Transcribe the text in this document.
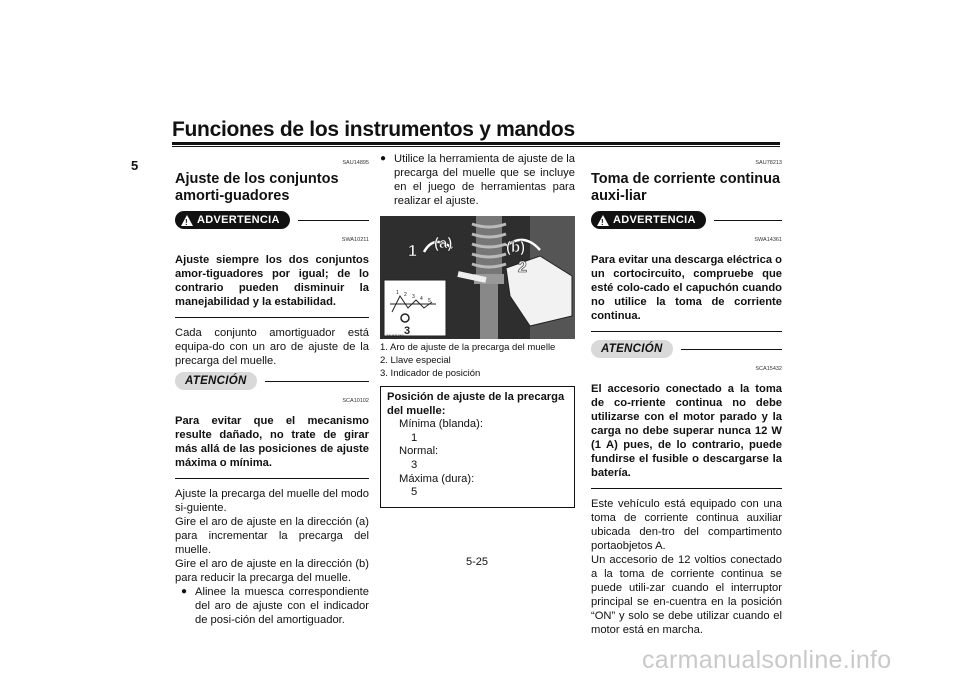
Funciones de los instrumentos y mandos
5	SAU14895
Ajuste de los conjuntos amorti-guadores
!
ADVERTENCIA
SWA10211

Ajuste siempre los dos conjuntos amor-tiguadores por igual; de lo contrario pueden disminuir la manejabilidad y la estabilidad.

Cada conjunto amortiguador está equipa-do con un aro de ajuste de la precarga del muelle.

ATENCIÓN
SCA10102

Para evitar que el mecanismo resulte dañado, no trate de girar más allá de las posiciones de ajuste máxima o mínima.

Ajuste la precarga del muelle del modo si-guiente.

Gire el aro de ajuste en la dirección (a) para incrementar la precarga del muelle.

Gire el aro de ajuste en la dirección (b) para reducir la precarga del muelle.

● Alinee la muesca correspondiente del aro de ajuste con el indicador de posi-ción del amortiguador.
● Utilice la herramienta de ajuste de la precarga del muelle que se incluye en el juego de herramientas para realizar el ajuste.
3
1 2 3 4 5
ZAUM1069
1 (a)	(b)
2
1. Aro de ajuste de la precarga del muelle
2. Llave especial
3. Indicador de posición
Posición de ajuste de la precarga del muelle:
Mínima (blanda):
1
Normal:
3
Máxima (dura):
5
SAU78213
Toma de corriente continua auxi-liar
!
ADVERTENCIA
SWA14361

Para evitar una descarga eléctrica o un cortocircuito, compruebe que esté colo-cado el capuchón cuando no utilice la toma de corriente continua.

ATENCIÓN
SCA15432

El accesorio conectado a la toma de co-rriente continua no debe utilizarse con el motor parado y la carga no debe superar nunca 12 W (1 A) pues, de lo contrario, puede fundirse el fusible o descargarse la batería.

Este vehículo está equipado con una toma de corriente continua auxiliar ubicada den-tro del compartimento portaobjetos A.

Un accesorio de 12 voltios conectado a la toma de corriente continua se puede utili-zar cuando el interruptor principal se en-cuentra en la posición “ON” y solo se debe utilizar cuando el motor está en marcha.

5-25
carmanualsonline.info
